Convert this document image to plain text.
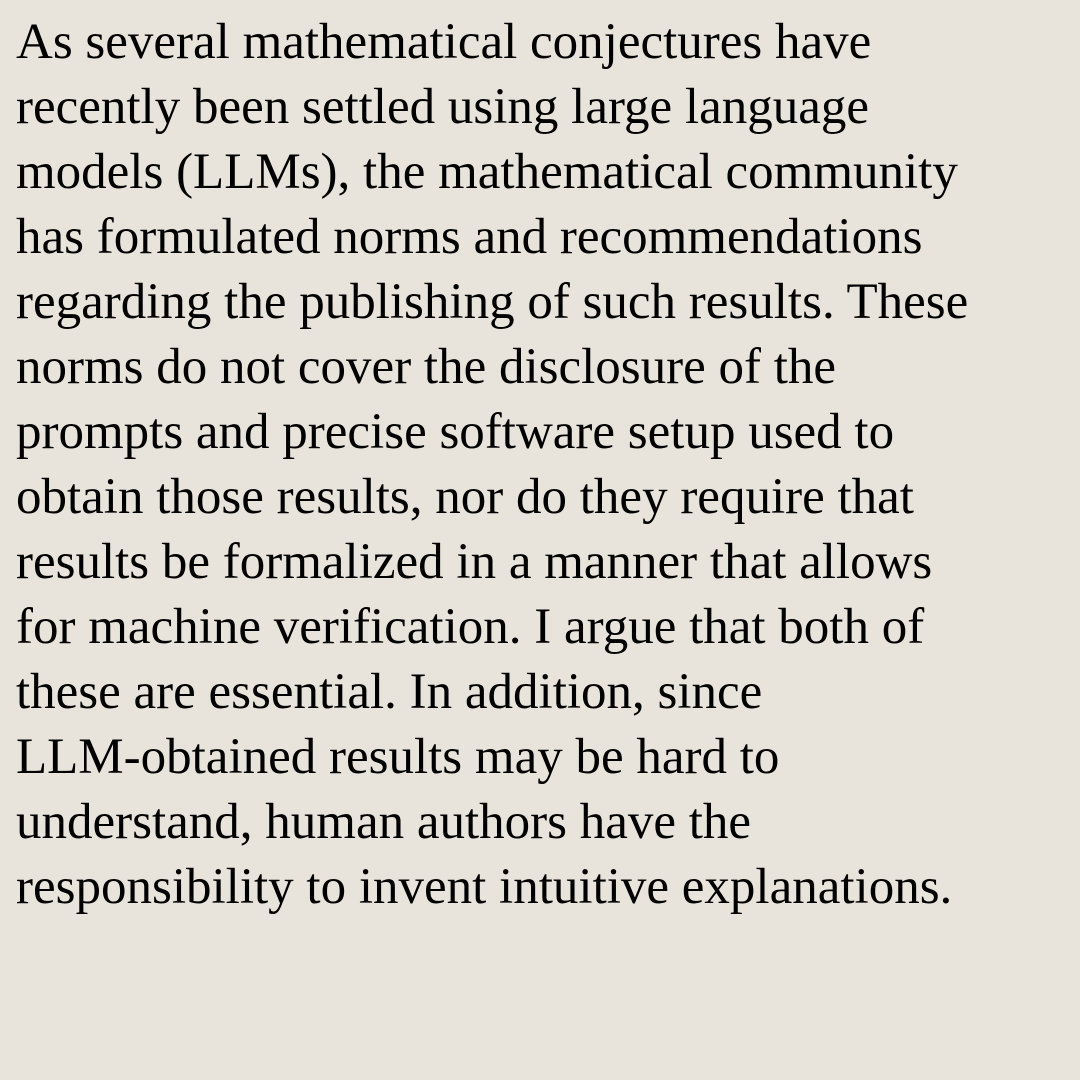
As several mathematical conjectures have
recently been settled using large language
models (LLMs), the mathematical community
has formulated norms and recommendations
regarding the publishing of such results. These
norms do not cover the disclosure of the
prompts and precise software setup used to
obtain those results, nor do they require that
results be formalized in a manner that allows
for machine verification. I argue that both of
these are essential. In addition, since
LLM-obtained results may be hard to
understand, human authors have the
responsibility to invent intuitive explanations.
